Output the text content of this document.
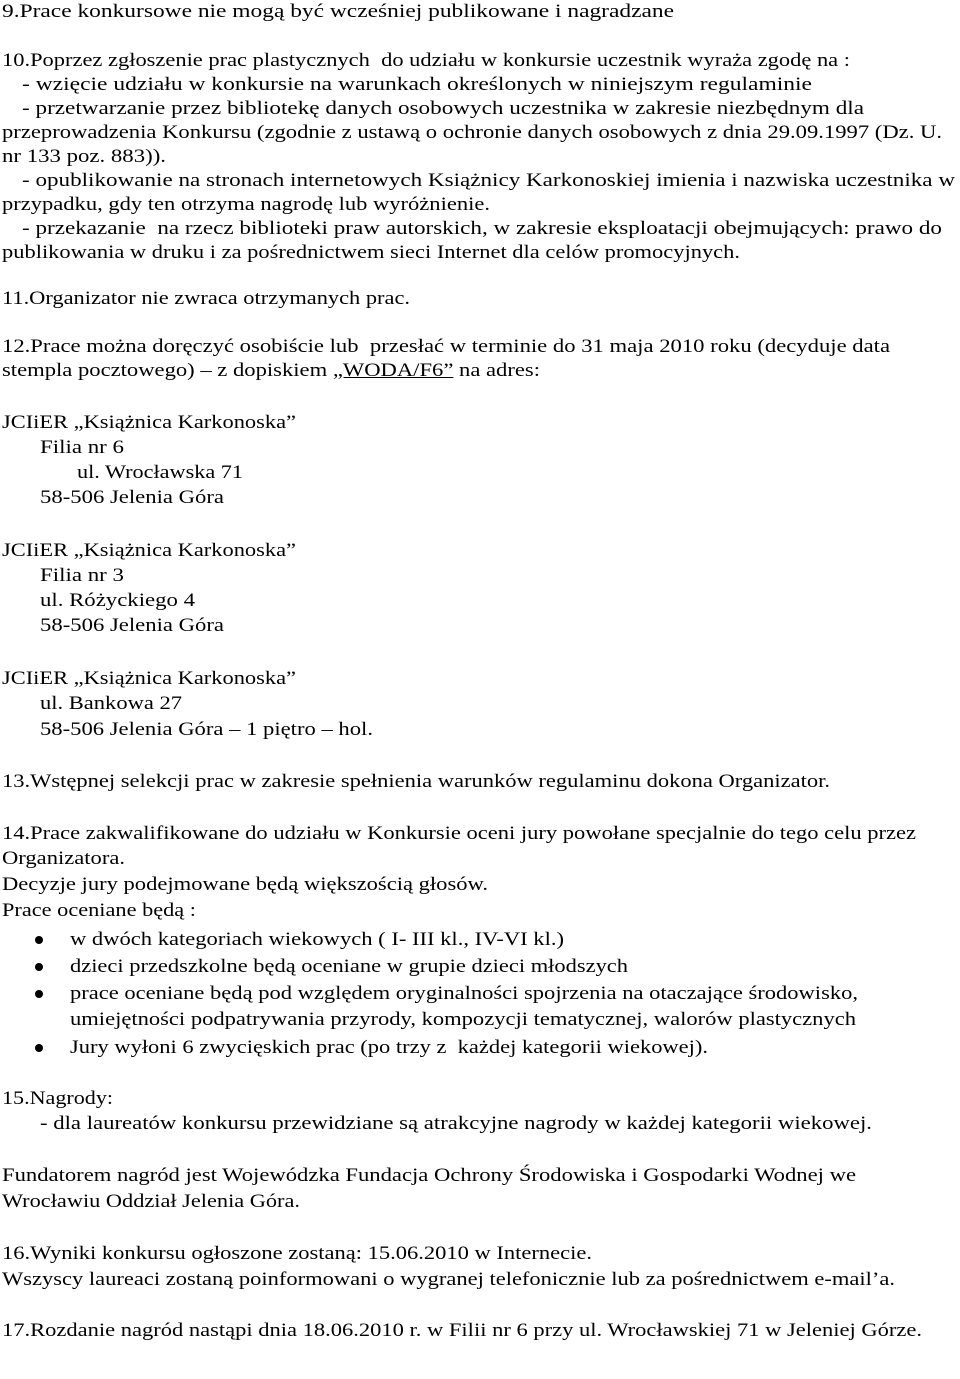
9.Prace konkursowe nie mogą być wcześniej publikowane i nagradzane
10.Poprzez zgłoszenie prac plastycznych  do udziału w konkursie uczestnik wyraża zgodę na :
- wzięcie udziału w konkursie na warunkach określonych w niniejszym regulaminie
- przetwarzanie przez bibliotekę danych osobowych uczestnika w zakresie niezbędnym dla
przeprowadzenia Konkursu (zgodnie z ustawą o ochronie danych osobowych z dnia 29.09.1997 (Dz. U.
nr 133 poz. 883)).
- opublikowanie na stronach internetowych Książnicy Karkonoskiej imienia i nazwiska uczestnika w
przypadku, gdy ten otrzyma nagrodę lub wyróżnienie.
- przekazanie  na rzecz biblioteki praw autorskich, w zakresie eksploatacji obejmujących: prawo do
publikowania w druku i za pośrednictwem sieci Internet dla celów promocyjnych.
11.Organizator nie zwraca otrzymanych prac.
12.Prace można doręczyć osobiście lub  przesłać w terminie do 31 maja 2010 roku (decyduje data
stempla pocztowego) – z dopiskiem „WODA/F6” na adres:
JCIiER „Książnica Karkonoska”
Filia nr 6
ul. Wrocławska 71
58-506 Jelenia Góra
JCIiER „Książnica Karkonoska”
Filia nr 3
ul. Różyckiego 4
58-506 Jelenia Góra
JCIiER „Książnica Karkonoska”
ul. Bankowa 27
58-506 Jelenia Góra – 1 piętro – hol.
13.Wstępnej selekcji prac w zakresie spełnienia warunków regulaminu dokona Organizator.
14.Prace zakwalifikowane do udziału w Konkursie oceni jury powołane specjalnie do tego celu przez
Organizatora.
Decyzje jury podejmowane będą większością głosów.
Prace oceniane będą :
w dwóch kategoriach wiekowych ( I- III kl., IV-VI kl.)
dzieci przedszkolne będą oceniane w grupie dzieci młodszych
prace oceniane będą pod względem oryginalności spojrzenia na otaczające środowisko,
umiejętności podpatrywania przyrody, kompozycji tematycznej, walorów plastycznych
Jury wyłoni 6 zwycięskich prac (po trzy z  każdej kategorii wiekowej).
15.Nagrody:
- dla laureatów konkursu przewidziane są atrakcyjne nagrody w każdej kategorii wiekowej.
Fundatorem nagród jest Wojewódzka Fundacja Ochrony Środowiska i Gospodarki Wodnej we
Wrocławiu Oddział Jelenia Góra.
16.Wyniki konkursu ogłoszone zostaną: 15.06.2010 w Internecie.
Wszyscy laureaci zostaną poinformowani o wygranej telefonicznie lub za pośrednictwem e-mail’a.
17.Rozdanie nagród nastąpi dnia 18.06.2010 r. w Filii nr 6 przy ul. Wrocławskiej 71 w Jeleniej Górze.
